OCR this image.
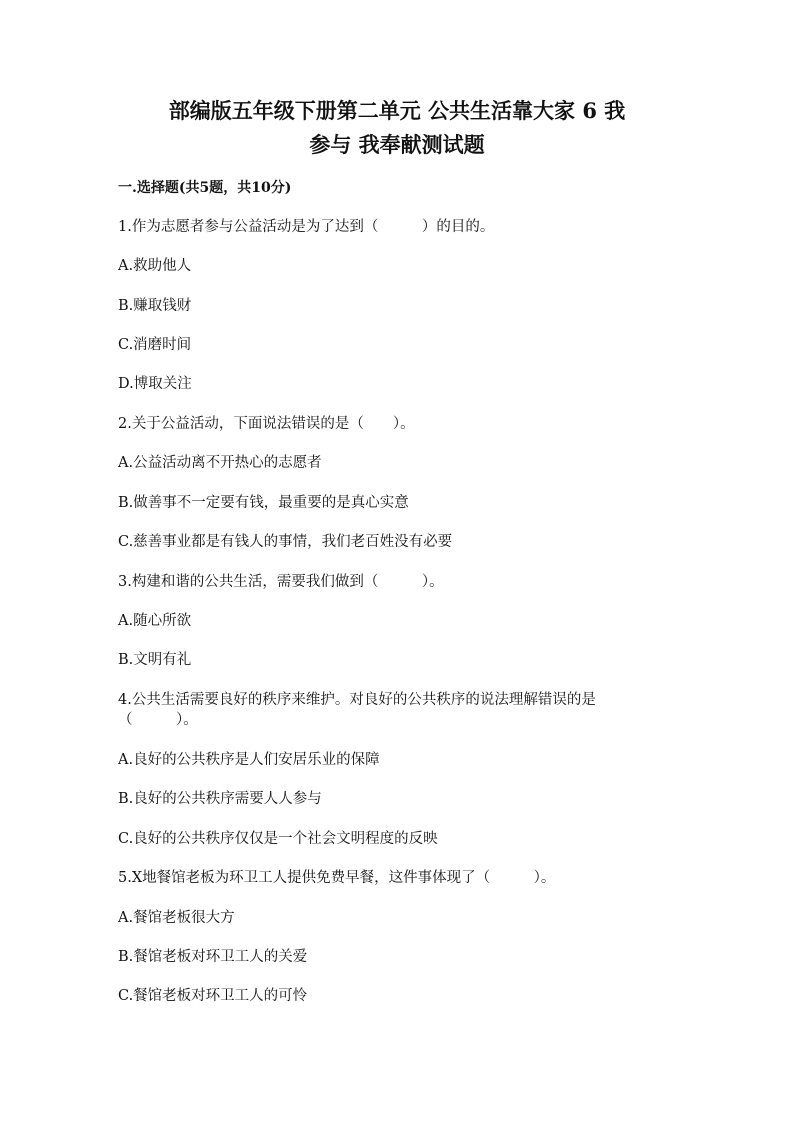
部编版五年级下册第二单元 公共生活靠大家 6 我
参与 我奉献测试题
一.选择题(共5题，共10分)
1.作为志愿者参与公益活动是为了达到（　　　）的目的。
A.救助他人
B.赚取钱财
C.消磨时间
D.博取关注
2.关于公益活动，下面说法错误的是（　　）。
A.公益活动离不开热心的志愿者
B.做善事不一定要有钱，最重要的是真心实意
C.慈善事业都是有钱人的事情，我们老百姓没有必要
3.构建和谐的公共生活，需要我们做到（　　　）。
A.随心所欲
B.文明有礼
4.公共生活需要良好的秩序来维护。对良好的公共秩序的说法理解错误的是
（　　　）。
A.良好的公共秩序是人们安居乐业的保障
B.良好的公共秩序需要人人参与
C.良好的公共秩序仅仅是一个社会文明程度的反映
5.X地餐馆老板为环卫工人提供免费早餐，这件事体现了（　　　）。
A.餐馆老板很大方
B.餐馆老板对环卫工人的关爱
C.餐馆老板对环卫工人的可怜
